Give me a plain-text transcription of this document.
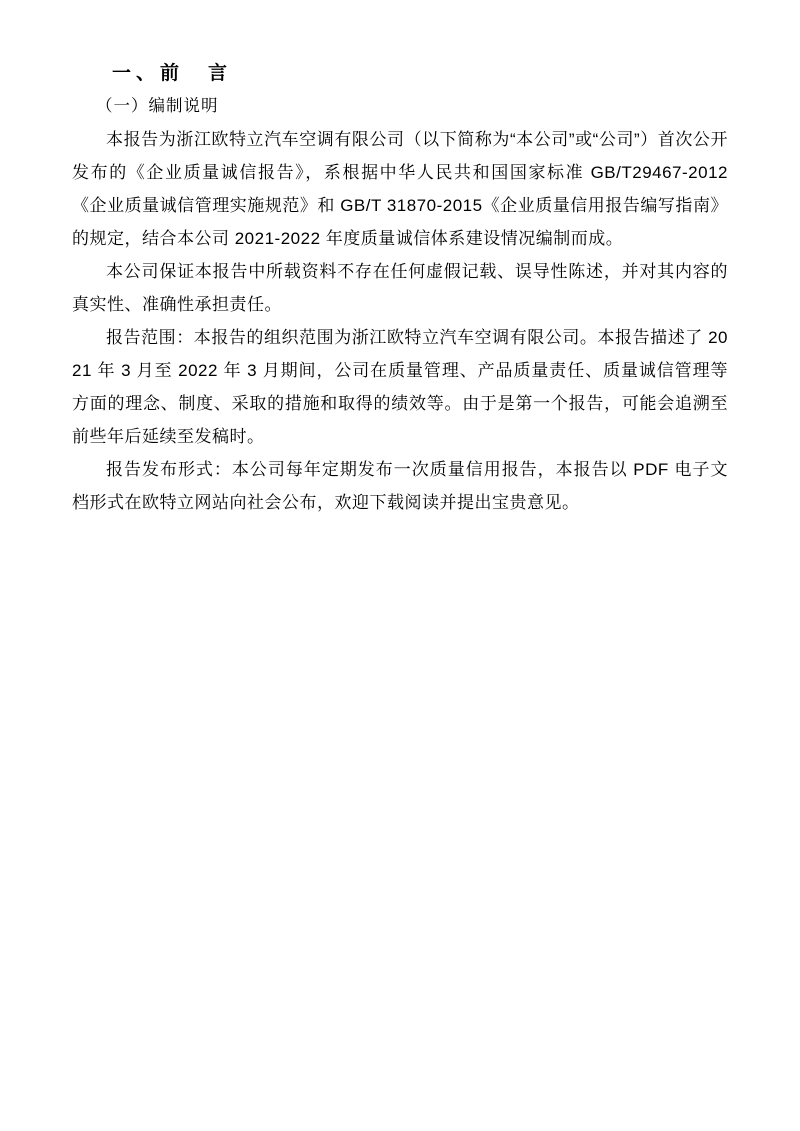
一、前　言
（一）编制说明

本报告为浙江欧特立汽车空调有限公司（以下简称为“本公司”或“公司”）首次公开发布的《企业质量诚信报告》，系根据中华人民共和国国家标准 GB/T29467-2012《企业质量诚信管理实施规范》和 GB/T 31870-2015《企业质量信用报告编写指南》的规定，结合本公司 2021-2022 年度质量诚信体系建设情况编制而成。

本公司保证本报告中所载资料不存在任何虚假记载、误导性陈述，并对其内容的真实性、准确性承担责任。

报告范围：本报告的组织范围为浙江欧特立汽车空调有限公司。本报告描述了 2021 年 3 月至 2022 年 3 月期间，公司在质量管理、产品质量责任、质量诚信管理等方面的理念、制度、采取的措施和取得的绩效等。由于是第一个报告，可能会追溯至前些年后延续至发稿时。

报告发布形式：本公司每年定期发布一次质量信用报告，本报告以 PDF 电子文档形式在欧特立网站向社会公布，欢迎下载阅读并提出宝贵意见。
